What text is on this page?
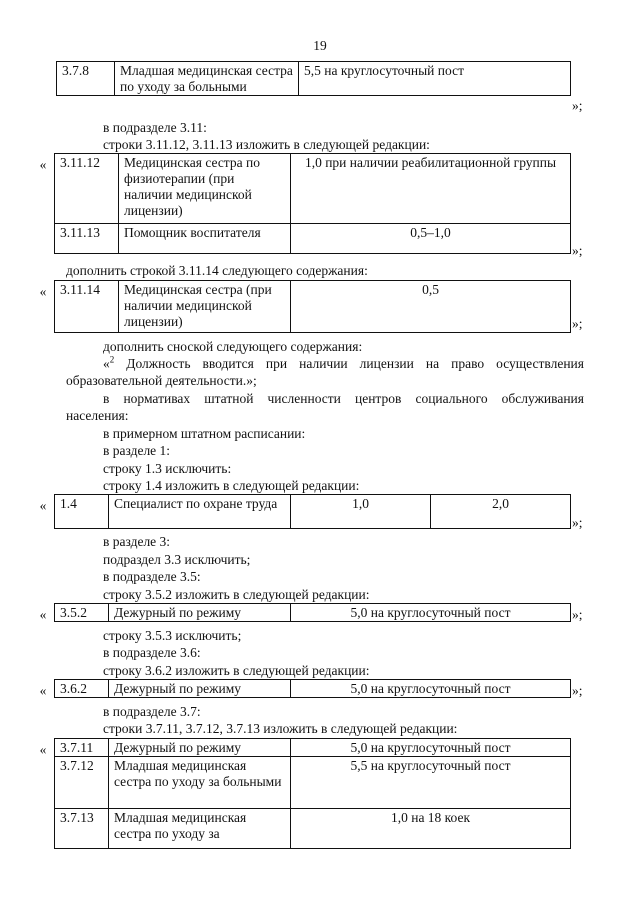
19
3.7.8	Младшая медицинская сестра по уходу за больными	5,5 на круглосуточный пост
»;
в подразделе 3.11:
строки 3.11.12, 3.11.13 изложить в следующей редакции:
« 3.11.12	Медицинская сестра по физиотерапии (при наличии медицинской лицензии)	1,0 при наличии реабилитационной группы
3.11.13	Помощник воспитателя	0,5–1,0
»;
дополнить строкой 3.11.14 следующего содержания:
« 3.11.14	Медицинская сестра (при наличии медицинской лицензии)	0,5
»;
дополнить сноской следующего содержания:
«$^2$ Должность вводится при наличии лицензии на право осуществления образовательной деятельности.»;
в нормативах штатной численности центров социального обслуживания населения:
в примерном штатном расписании:
в разделе 1:
строку 1.3 исключить:
строку 1.4 изложить в следующей редакции:
« 1.4	Специалист по охране труда	1,0	2,0
»;
в разделе 3:
подраздел 3.3 исключить;
в подразделе 3.5:
строку 3.5.2 изложить в следующей редакции:
« 3.5.2	Дежурный по режиму	5,0 на круглосуточный пост	»;
строку 3.5.3 исключить;
в подразделе 3.6:
строку 3.6.2 изложить в следующей редакции:
« 3.6.2	Дежурный по режиму	5,0 на круглосуточный пост	»;
в подразделе 3.7:
строки 3.7.11, 3.7.12, 3.7.13 изложить в следующей редакции:
« 3.7.11	Дежурный по режиму	5,0 на круглосуточный пост
3.7.12	Младшая медицинская сестра по уходу за больными	5,5 на круглосуточный пост
3.7.13	Младшая медицинская сестра по уходу за	1,0 на 18 коек
